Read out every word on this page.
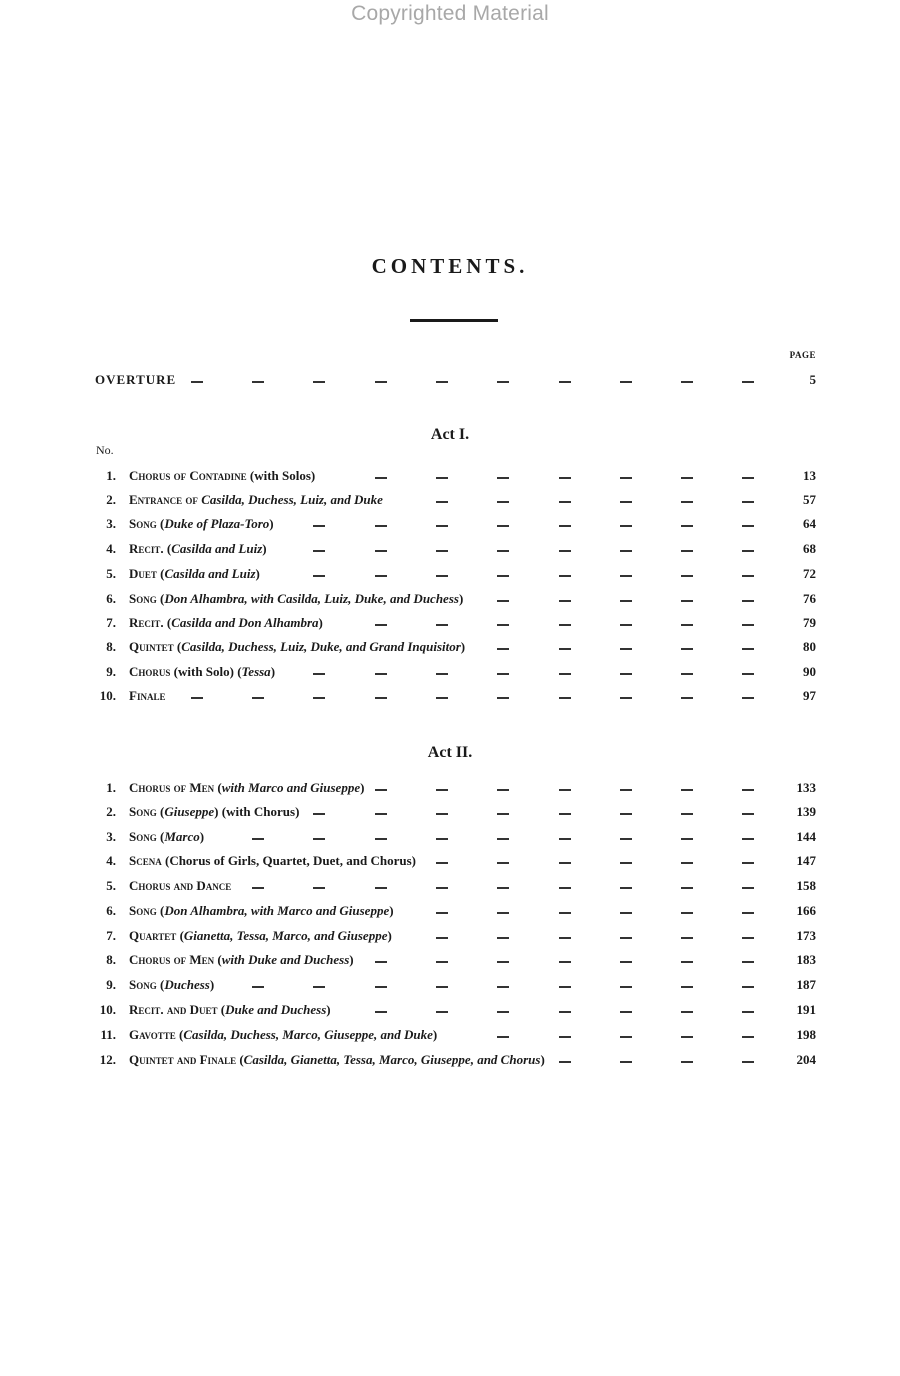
Copyrighted Material
CONTENTS.
PAGE
OVERTURE	5
Act I.
No.
1. Chorus of Contadine (with Solos)	13
2. Entrance of Casilda, Duchess, Luiz, and Duke	57
3. Song (Duke of Plaza-Toro)	64
4. Recit. (Casilda and Luiz)	68
5. Duet (Casilda and Luiz)	72
6. Song (Don Alhambra, with Casilda, Luiz, Duke, and Duchess)	76
7. Recit. (Casilda and Don Alhambra)	79
8. Quintet (Casilda, Duchess, Luiz, Duke, and Grand Inquisitor)	80
9. Chorus (with Solo) (Tessa)	90
10. Finale	97
Act II.
1. Chorus of Men (with Marco and Giuseppe)	133
2. Song (Giuseppe) (with Chorus)	139
3. Song (Marco)	144
4. Scena (Chorus of Girls, Quartet, Duet, and Chorus)	147
5. Chorus and Dance	158
6. Song (Don Alhambra, with Marco and Giuseppe)	166
7. Quartet (Gianetta, Tessa, Marco, and Giuseppe)	173
8. Chorus of Men (with Duke and Duchess)	183
9. Song (Duchess)	187
10. Recit. and Duet (Duke and Duchess)	191
11. Gavotte (Casilda, Duchess, Marco, Giuseppe, and Duke)	198
12. Quintet and Finale (Casilda, Gianetta, Tessa, Marco, Giuseppe, and Chorus)	204
